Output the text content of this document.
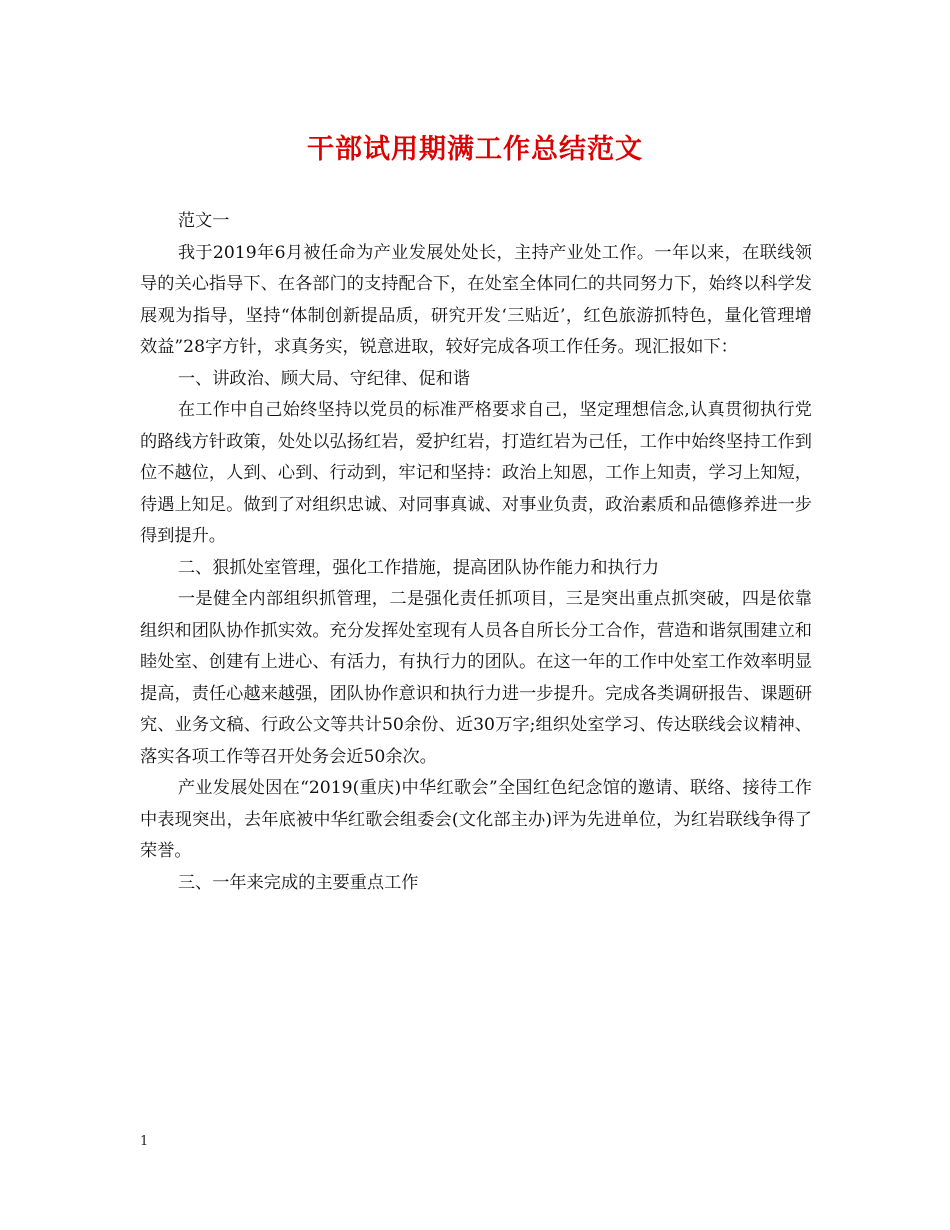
干部试用期满工作总结范文

范文一

我于2019年6月被任命为产业发展处处长，主持产业处工作。一年以来，在联线领导的关心指导下、在各部门的支持配合下，在处室全体同仁的共同努力下，始终以科学发展观为指导，坚持“体制创新提品质，研究开发‘三贴近’，红色旅游抓特色，量化管理增效益”28字方针，求真务实，锐意进取，较好完成各项工作任务。现汇报如下：

一、讲政治、顾大局、守纪律、促和谐

在工作中自己始终坚持以党员的标准严格要求自己，坚定理想信念,认真贯彻执行党的路线方针政策，处处以弘扬红岩，爱护红岩，打造红岩为己任，工作中始终坚持工作到位不越位，人到、心到、行动到，牢记和坚持：政治上知恩，工作上知责，学习上知短，待遇上知足。做到了对组织忠诚、对同事真诚、对事业负责，政治素质和品德修养进一步得到提升。

二、狠抓处室管理，强化工作措施，提高团队协作能力和执行力

一是健全内部组织抓管理，二是强化责任抓项目，三是突出重点抓突破，四是依靠组织和团队协作抓实效。充分发挥处室现有人员各自所长分工合作，营造和谐氛围建立和睦处室、创建有上进心、有活力，有执行力的团队。在这一年的工作中处室工作效率明显提高，责任心越来越强，团队协作意识和执行力进一步提升。完成各类调研报告、课题研究、业务文稿、行政公文等共计50余份、近30万字;组织处室学习、传达联线会议精神、落实各项工作等召开处务会近50余次。

产业发展处因在“2019(重庆)中华红歌会”全国红色纪念馆的邀请、联络、接待工作中表现突出，去年底被中华红歌会组委会(文化部主办)评为先进单位，为红岩联线争得了荣誉。

三、一年来完成的主要重点工作

1
